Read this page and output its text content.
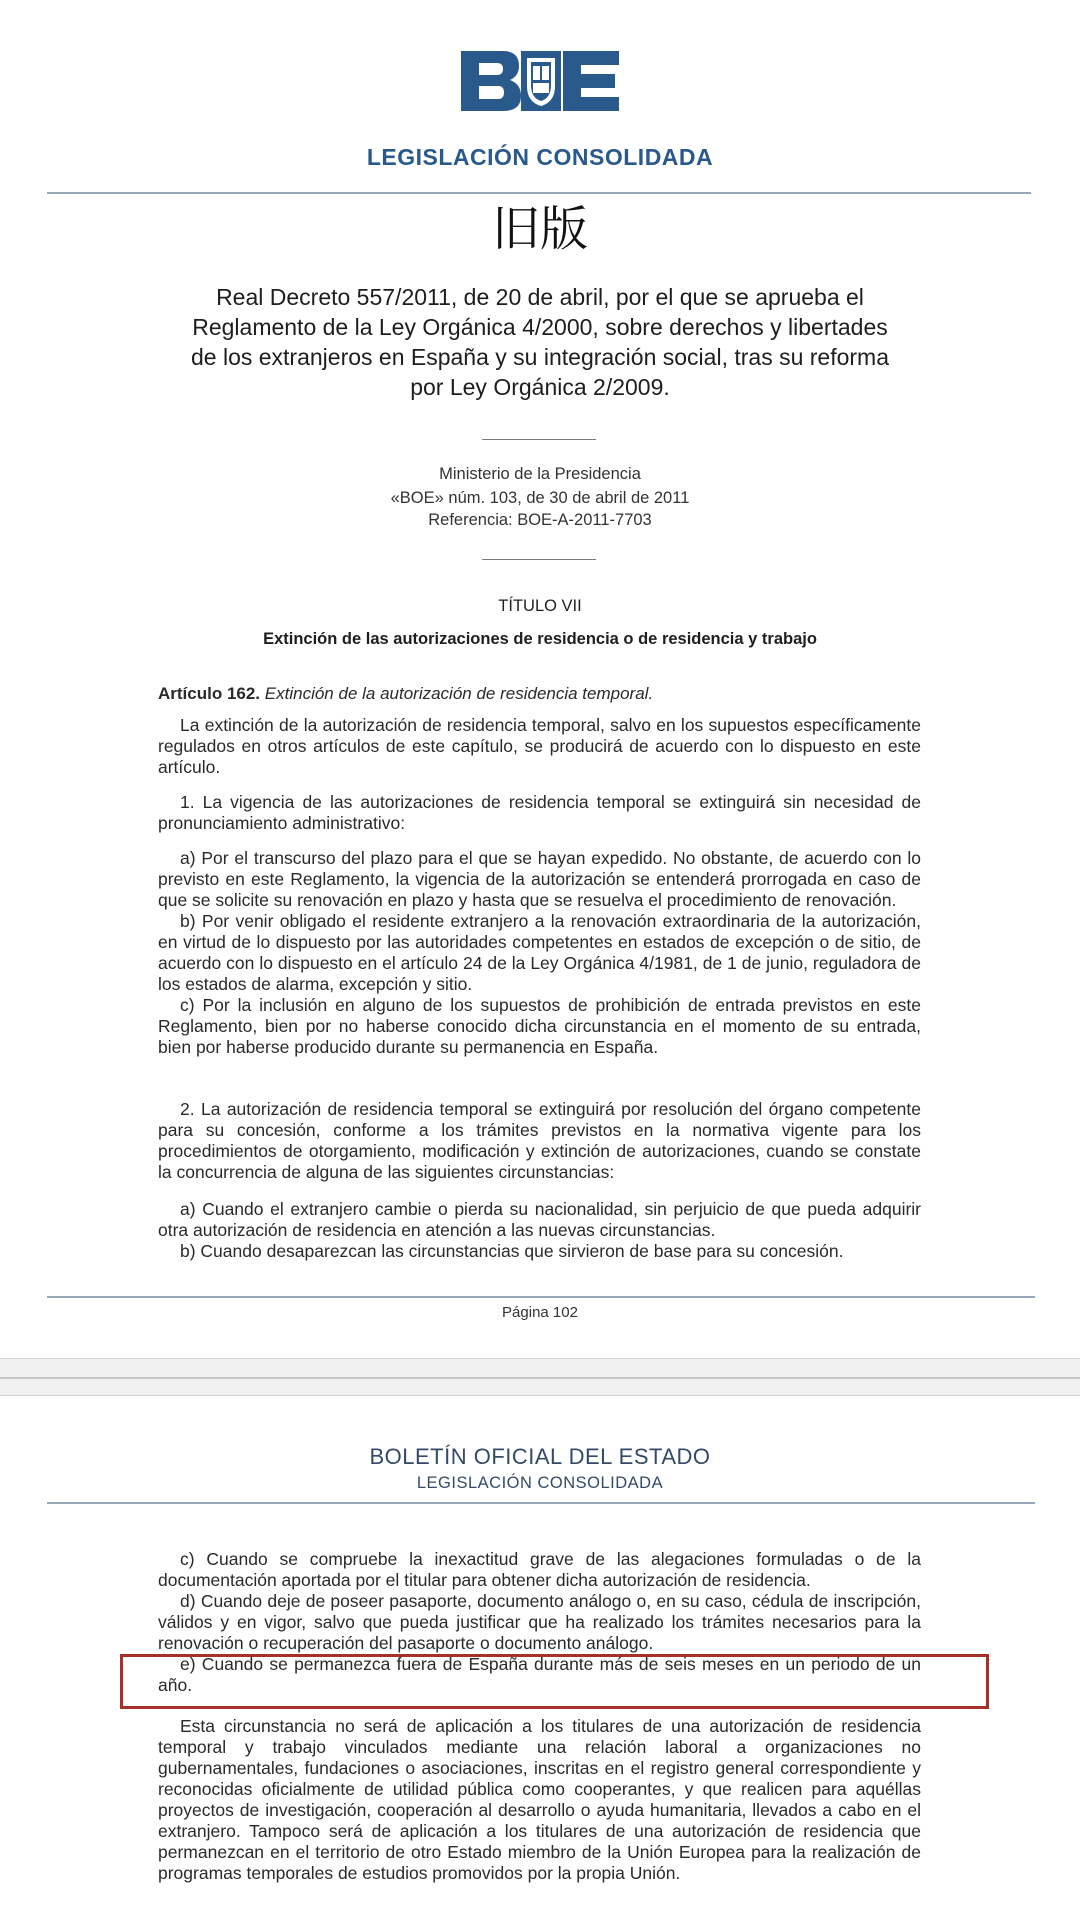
LEGISLACIÓN CONSOLIDADA
旧版
Real Decreto 557/2011, de 20 de abril, por el que se aprueba el Reglamento de la Ley Orgánica 4/2000, sobre derechos y libertades de los extranjeros en España y su integración social, tras su reforma por Ley Orgánica 2/2009.
Ministerio de la Presidencia
«BOE» núm. 103, de 30 de abril de 2011
Referencia: BOE-A-2011-7703
TÍTULO VII
Extinción de las autorizaciones de residencia o de residencia y trabajo
Artículo 162. Extinción de la autorización de residencia temporal.
La extinción de la autorización de residencia temporal, salvo en los supuestos específicamente regulados en otros artículos de este capítulo, se producirá de acuerdo con lo dispuesto en este artículo.
1. La vigencia de las autorizaciones de residencia temporal se extinguirá sin necesidad de pronunciamiento administrativo:

a) Por el transcurso del plazo para el que se hayan expedido. No obstante, de acuerdo con lo previsto en este Reglamento, la vigencia de la autorización se entenderá prorrogada en caso de que se solicite su renovación en plazo y hasta que se resuelva el procedimiento de renovación.

b) Por venir obligado el residente extranjero a la renovación extraordinaria de la autorización, en virtud de lo dispuesto por las autoridades competentes en estados de excepción o de sitio, de acuerdo con lo dispuesto en el artículo 24 de la Ley Orgánica 4/1981, de 1 de junio, reguladora de los estados de alarma, excepción y sitio.

c) Por la inclusión en alguno de los supuestos de prohibición de entrada previstos en este Reglamento, bien por no haberse conocido dicha circunstancia en el momento de su entrada, bien por haberse producido durante su permanencia en España.

2. La autorización de residencia temporal se extinguirá por resolución del órgano competente para su concesión, conforme a los trámites previstos en la normativa vigente para los procedimientos de otorgamiento, modificación y extinción de autorizaciones, cuando se constate la concurrencia de alguna de las siguientes circunstancias:

a) Cuando el extranjero cambie o pierda su nacionalidad, sin perjuicio de que pueda adquirir otra autorización de residencia en atención a las nuevas circunstancias.

b) Cuando desaparezcan las circunstancias que sirvieron de base para su concesión.

Página 102
BOLETÍN OFICIAL DEL ESTADO
LEGISLACIÓN CONSOLIDADA

c) Cuando se compruebe la inexactitud grave de las alegaciones formuladas o de la documentación aportada por el titular para obtener dicha autorización de residencia.

d) Cuando deje de poseer pasaporte, documento análogo o, en su caso, cédula de inscripción, válidos y en vigor, salvo que pueda justificar que ha realizado los trámites necesarios para la renovación o recuperación del pasaporte o documento análogo.

e) Cuando se permanezca fuera de España durante más de seis meses en un periodo de un año.

Esta circunstancia no será de aplicación a los titulares de una autorización de residencia temporal y trabajo vinculados mediante una relación laboral a organizaciones no gubernamentales, fundaciones o asociaciones, inscritas en el registro general correspondiente y reconocidas oficialmente de utilidad pública como cooperantes, y que realicen para aquéllas proyectos de investigación, cooperación al desarrollo o ayuda humanitaria, llevados a cabo en el extranjero. Tampoco será de aplicación a los titulares de una autorización de residencia que permanezcan en el territorio de otro Estado miembro de la Unión Europea para la realización de programas temporales de estudios promovidos por la propia Unión.
